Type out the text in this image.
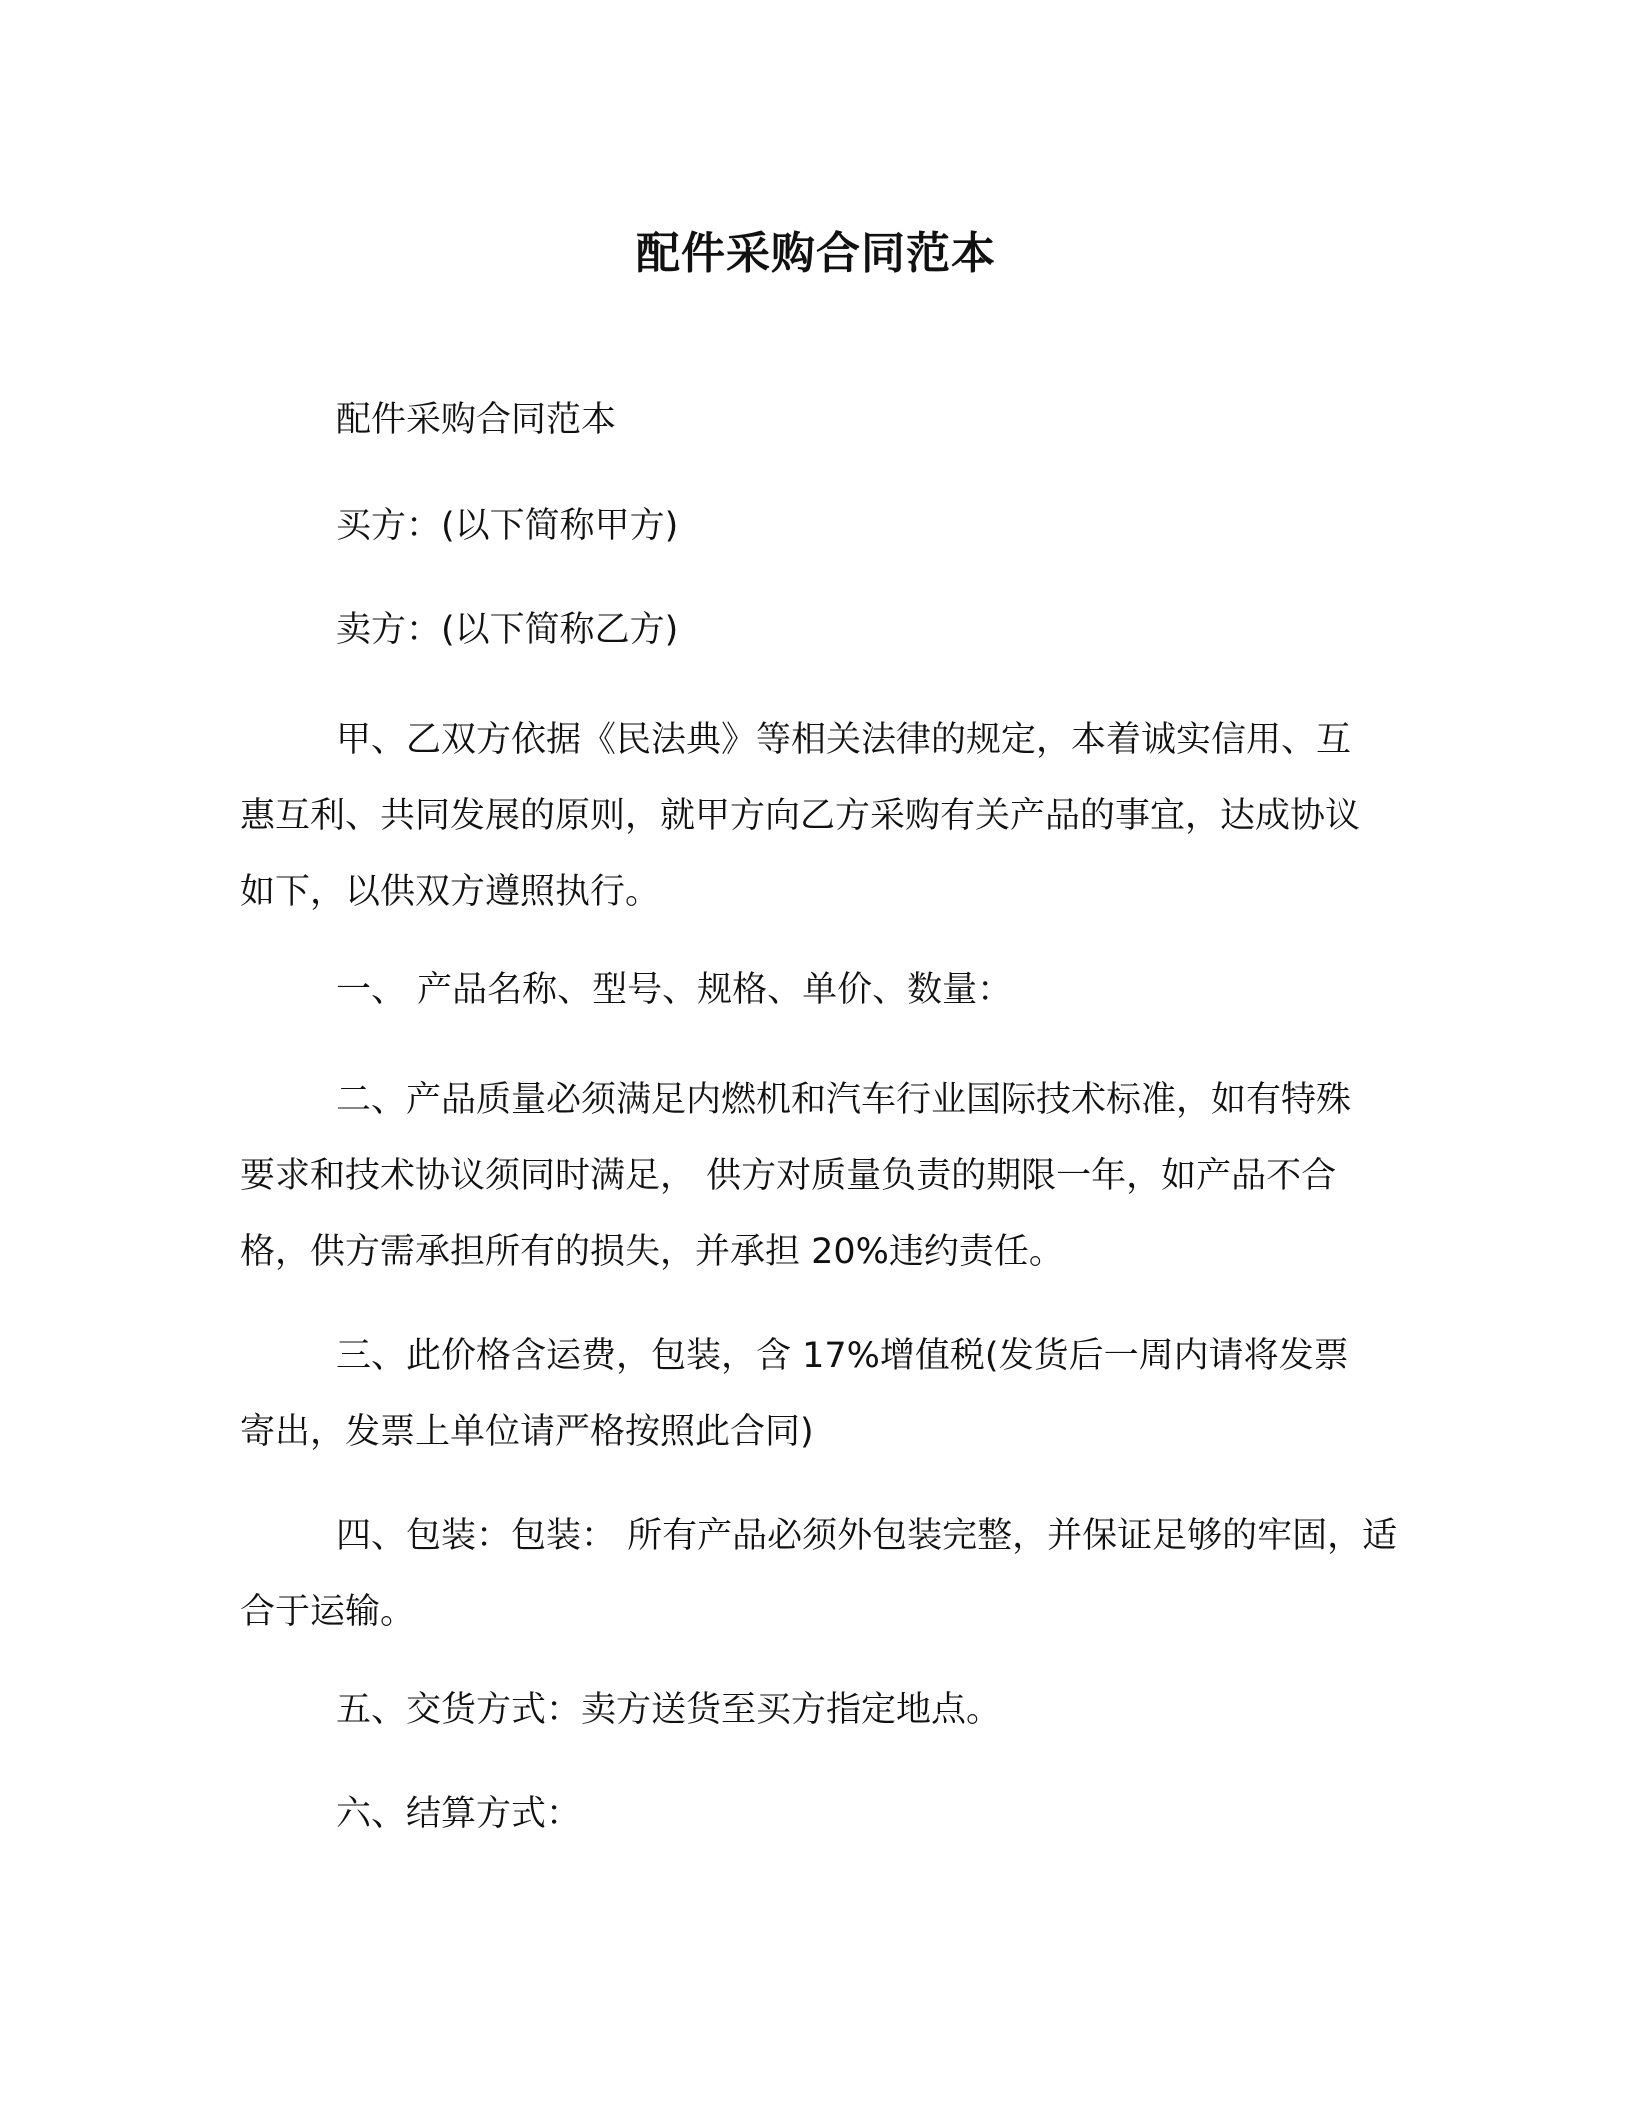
配件采购合同范本

配件采购合同范本

买方：(以下简称甲方)

卖方：(以下简称乙方)

甲、乙双方依据《民法典》等相关法律的规定，本着诚实信用、互惠互利、共同发展的原则，就甲方向乙方采购有关产品的事宜，达成协议如下，以供双方遵照执行。

一、 产品名称、型号、规格、单价、数量：

二、产品质量必须满足内燃机和汽车行业国际技术标准，如有特殊要求和技术协议须同时满足， 供方对质量负责的期限一年，如产品不合格，供方需承担所有的损失，并承担 20%违约责任。

三、此价格含运费，包装，含 17%增值税(发货后一周内请将发票寄出，发票上单位请严格按照此合同)

四、包装：包装： 所有产品必须外包装完整，并保证足够的牢固，适合于运输。

五、交货方式：卖方送货至买方指定地点。

六、结算方式：
